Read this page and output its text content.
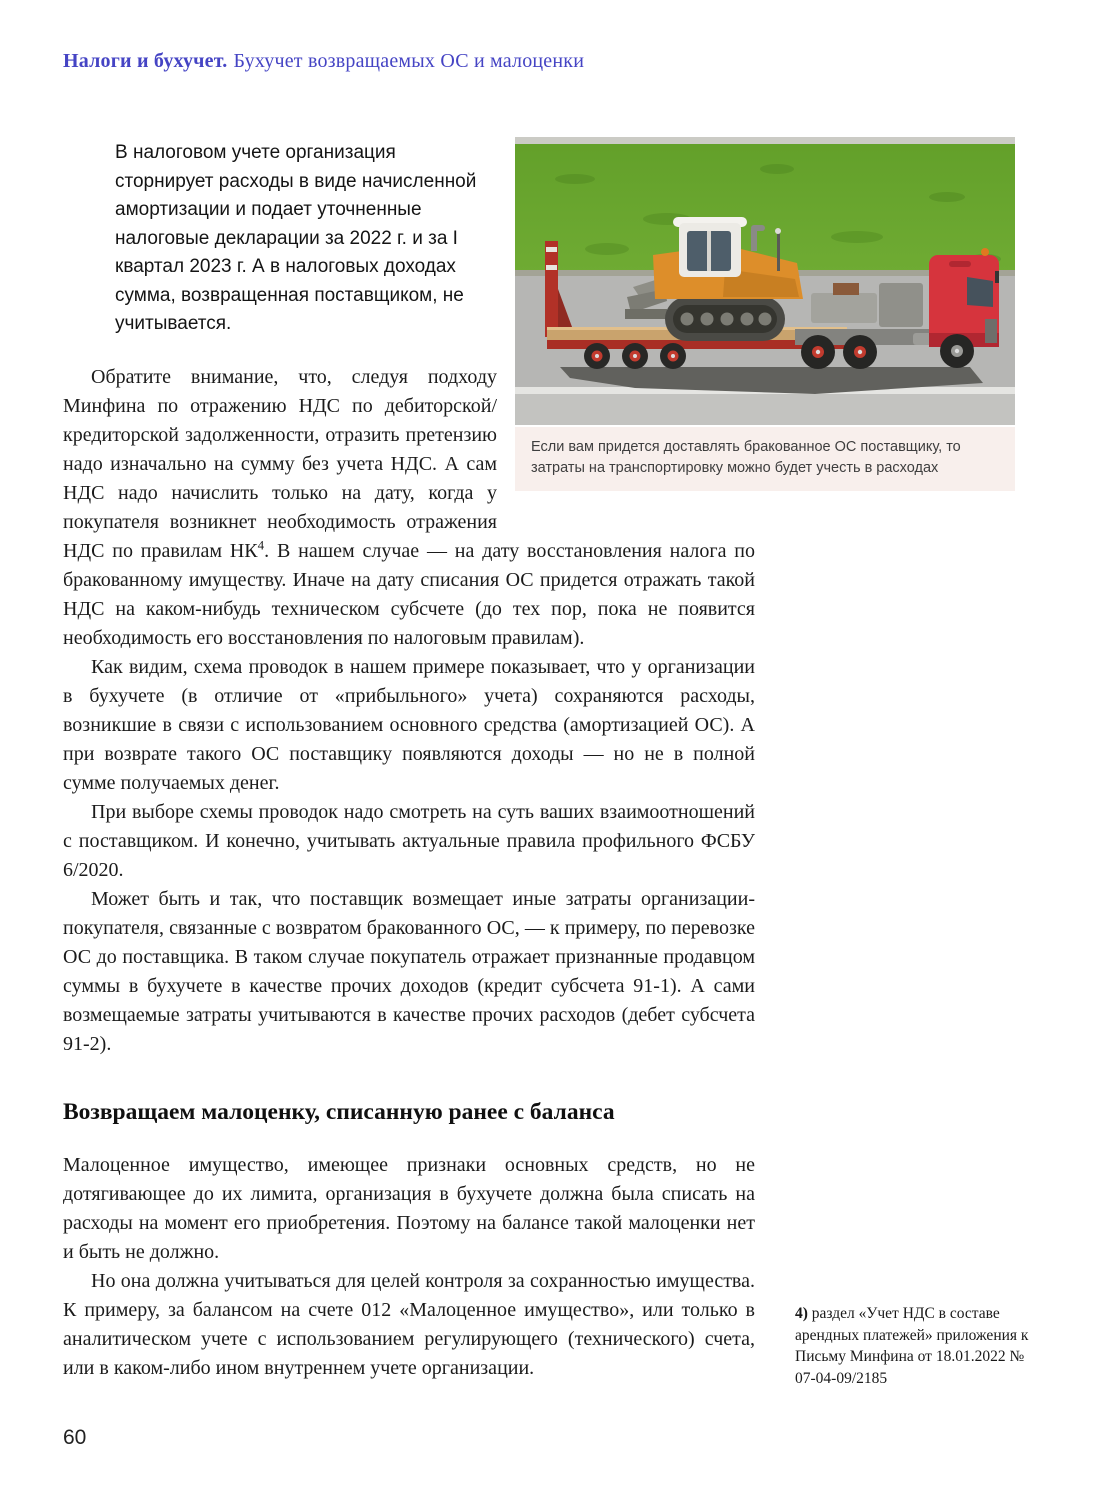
Налоги и бухучет. Бухучет возвращаемых ОС и малоценки
Если вам придется доставлять бракованное ОС поставщику, то затраты на транспортировку можно будет учесть в расходах

В налоговом учете организация сторнирует расходы в виде начисленной амортизации и подает уточненные налоговые декларации за 2022 г. и за I квартал 2023 г. А в налоговых доходах сумма, возвращенная поставщиком, не учитывается.

Обратите внимание, что, следуя подходу Минфина по отражению НДС по дебиторской/кредиторской задолженности, отразить претензию надо изначально на сумму без учета НДС. А сам НДС надо начислить только на дату, когда у покупателя возникнет необходимость отражения НДС по правилам НК$^4$. В нашем случае — на дату восстановления налога по бракованному имуществу. Иначе на дату списания ОС придется отражать такой НДС на каком-нибудь техническом субсчете (до тех пор, пока не появится необходимость его восстановления по налоговым правилам).

Как видим, схема проводок в нашем примере показывает, что у организации в бухучете (в отличие от «прибыльного» учета) сохраняются расходы, возникшие в связи с использованием основного средства (амортизацией ОС). А при возврате такого ОС поставщику появляются доходы — но не в полной сумме получаемых денег.

При выборе схемы проводок надо смотреть на суть ваших взаимоотношений с поставщиком. И конечно, учитывать актуальные правила профильного ФСБУ 6/2020.

Может быть и так, что поставщик возмещает иные затраты организации-покупателя, связанные с возвратом бракованного ОС, — к примеру, по перевозке ОС до поставщика. В таком случае покупатель отражает признанные продавцом суммы в бухучете в качестве прочих доходов (кредит субсчета 91-1). А сами возмещаемые затраты учитываются в качестве прочих расходов (дебет субсчета 91-2).

Возвращаем малоценку, списанную ранее с баланса

Малоценное имущество, имеющее признаки основных средств, но не дотягивающее до их лимита, организация в бухучете должна была списать на расходы на момент его приобретения. Поэтому на балансе такой малоценки нет и быть не должно.

Но она должна учитываться для целей контроля за сохранностью имущества. К примеру, за балансом на счете 012 «Малоценное имущество», или только в аналитическом учете с использованием регулирующего (технического) счета, или в каком-либо ином внутреннем учете организации.

4) раздел «Учет НДС в составе арендных платежей» приложения к Письму Минфина от 18.01.2022 № 07-04-09/2185
60
